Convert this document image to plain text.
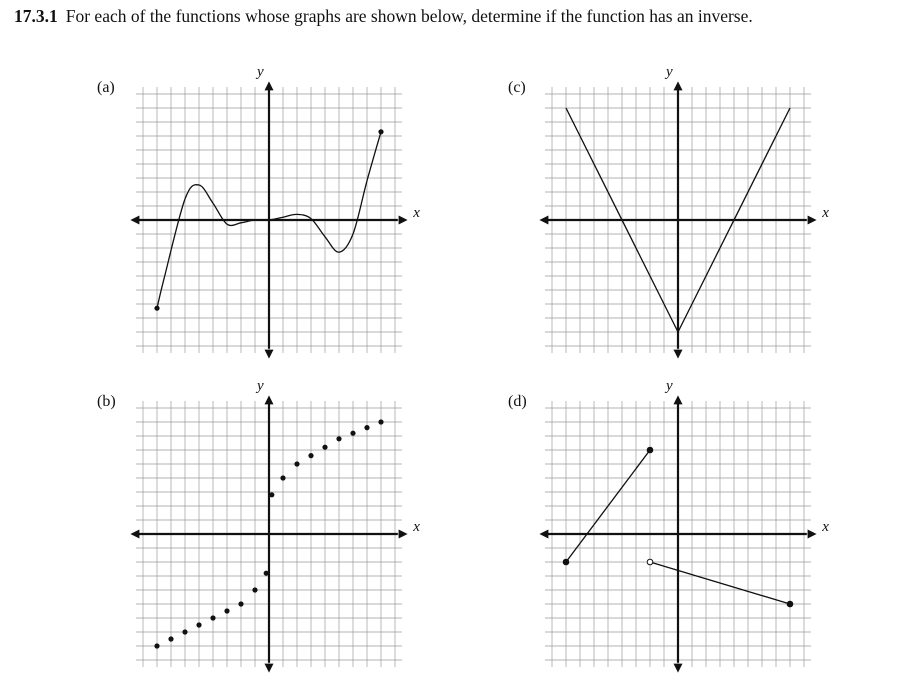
17.3.1 For each of the functions whose graphs are shown below, determine if the function has an inverse.
(a)
x
y
(b)
x
y
(c)
x
y
(d)
x
y
